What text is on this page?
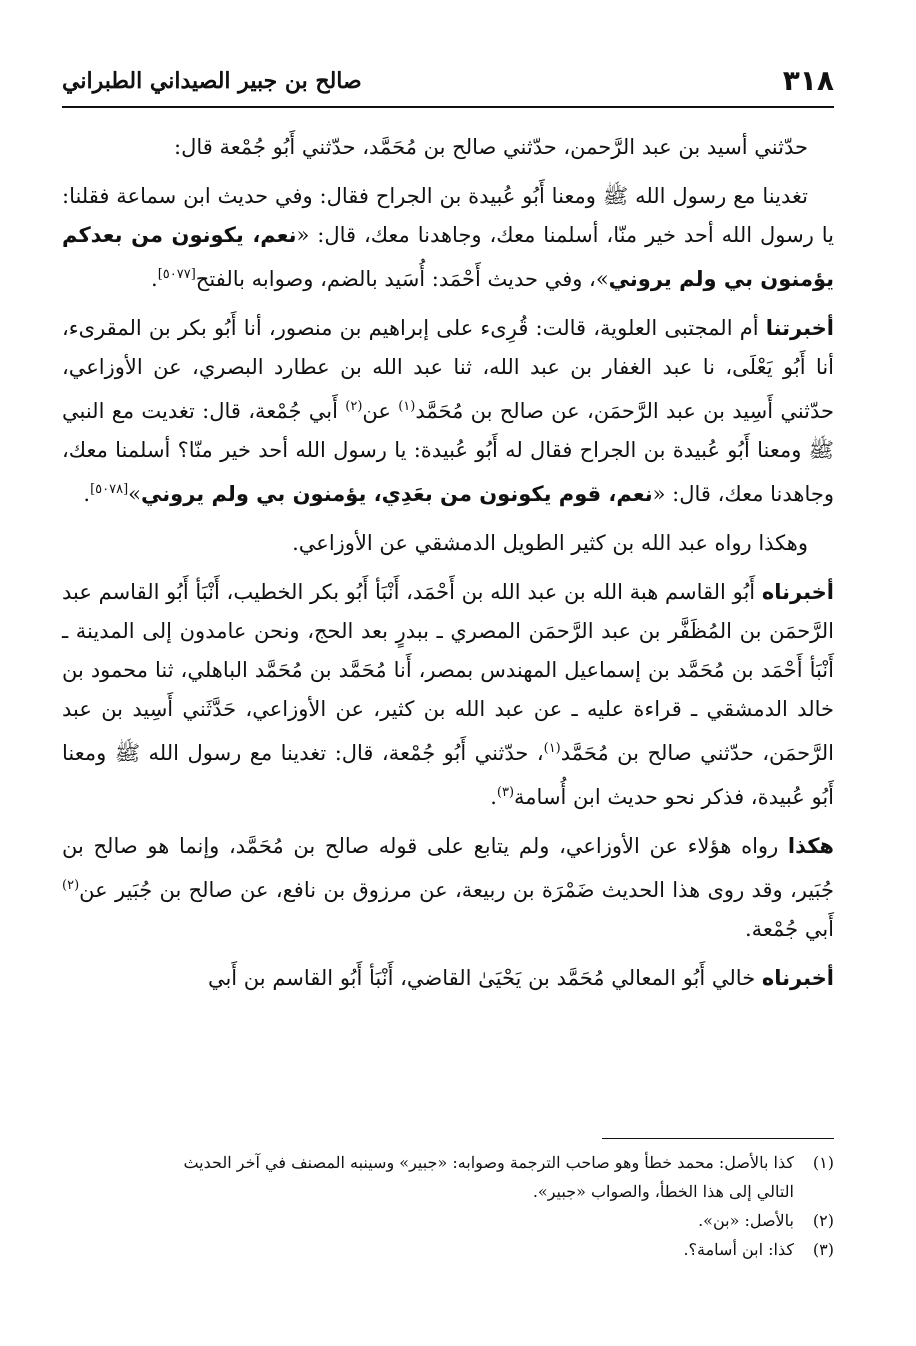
٣١٨
صالح بن جبير الصيداني الطبراني

حدّثني أسيد بن عبد الرَّحمن، حدّثني صالح بن مُحَمَّد، حدّثني أَبُو جُمْعة قال:

تغدينا مع رسول الله ﷺ ومعنا أَبُو عُبيدة بن الجراح فقال: وفي حديث ابن سماعة فقلنا: يا رسول الله أحد خير منّا، أسلمنا معك، وجاهدنا معك، قال: «نعم، يكونون من بعدكم يؤمنون بي ولم يروني»، وفي حديث أَحْمَد: أُسَيد بالضم، وصوابه بالفتح[٥٠٧٧].

أخبرتنا أم المجتبى العلوية، قالت: قُرِىء على إبراهيم بن منصور، أنا أَبُو بكر بن المقرىء، أنا أَبُو يَعْلَى، نا عبد الغفار بن عبد الله، ثنا عبد الله بن عطارد البصري، عن الأوزاعي، حدّثني أَسِيد بن عبد الرَّحمَن، عن صالح بن مُحَمَّد$^{(١)}$ عن$^{(٢)}$ أَبي جُمْعة، قال: تغديت مع النبي ﷺ ومعنا أَبُو عُبيدة بن الجراح فقال له أَبُو عُبيدة: يا رسول الله أحد خير منّا؟ أسلمنا معك، وجاهدنا معك، قال: «نعم، قوم يكونون من بعَدِي، يؤمنون بي ولم يروني»[٥٠٧٨].

وهكذا رواه عبد الله بن كثير الطويل الدمشقي عن الأوزاعي.

أخبرناه أَبُو القاسم هبة الله بن عبد الله بن أَحْمَد، أَنْبَأ أَبُو بكر الخطيب، أَنْبَأ أَبُو القاسم عبد الرَّحمَن بن المُظَفَّر بن عبد الرَّحمَن المصري ـ ببدرٍ بعد الحج، ونحن عامدون إلى المدينة ـ أَنْبَأ أَحْمَد بن مُحَمَّد بن إسماعيل المهندس بمصر، أَنا مُحَمَّد بن مُحَمَّد الباهلي، ثنا محمود بن خالد الدمشقي ـ قراءة عليه ـ عن عبد الله بن كثير، عن الأوزاعي، حَدَّثَني أَسِيد بن عبد الرَّحمَن، حدّثني صالح بن مُحَمَّد$^{(١)}$، حدّثني أَبُو جُمْعة، قال: تغدينا مع رسول الله ﷺ ومعنا أَبُو عُبيدة، فذكر نحو حديث ابن أُسامة$^{(٣)}$.

هكذا رواه هؤلاء عن الأوزاعي، ولم يتابع على قوله صالح بن مُحَمَّد، وإنما هو صالح بن جُبَير، وقد روى هذا الحديث ضَمْرَة بن ربيعة، عن مرزوق بن نافع، عن صالح بن جُبَير عن$^{(٢)}$ أَبي جُمْعة.

أخبرناه خالي أَبُو المعالي مُحَمَّد بن يَحْيَىٰ القاضي، أَنْبَأ أَبُو القاسم بن أَبي

(١)كذا بالأصل: محمد خطأ وهو صاحب الترجمة وصوابه: «جبير» وسينبه المصنف في آخر الحديث

التالي إلى هذا الخطأ، والصواب «جبير».

(٢)بالأصل: «بن».

(٣)كذا: ابن أسامة؟.
